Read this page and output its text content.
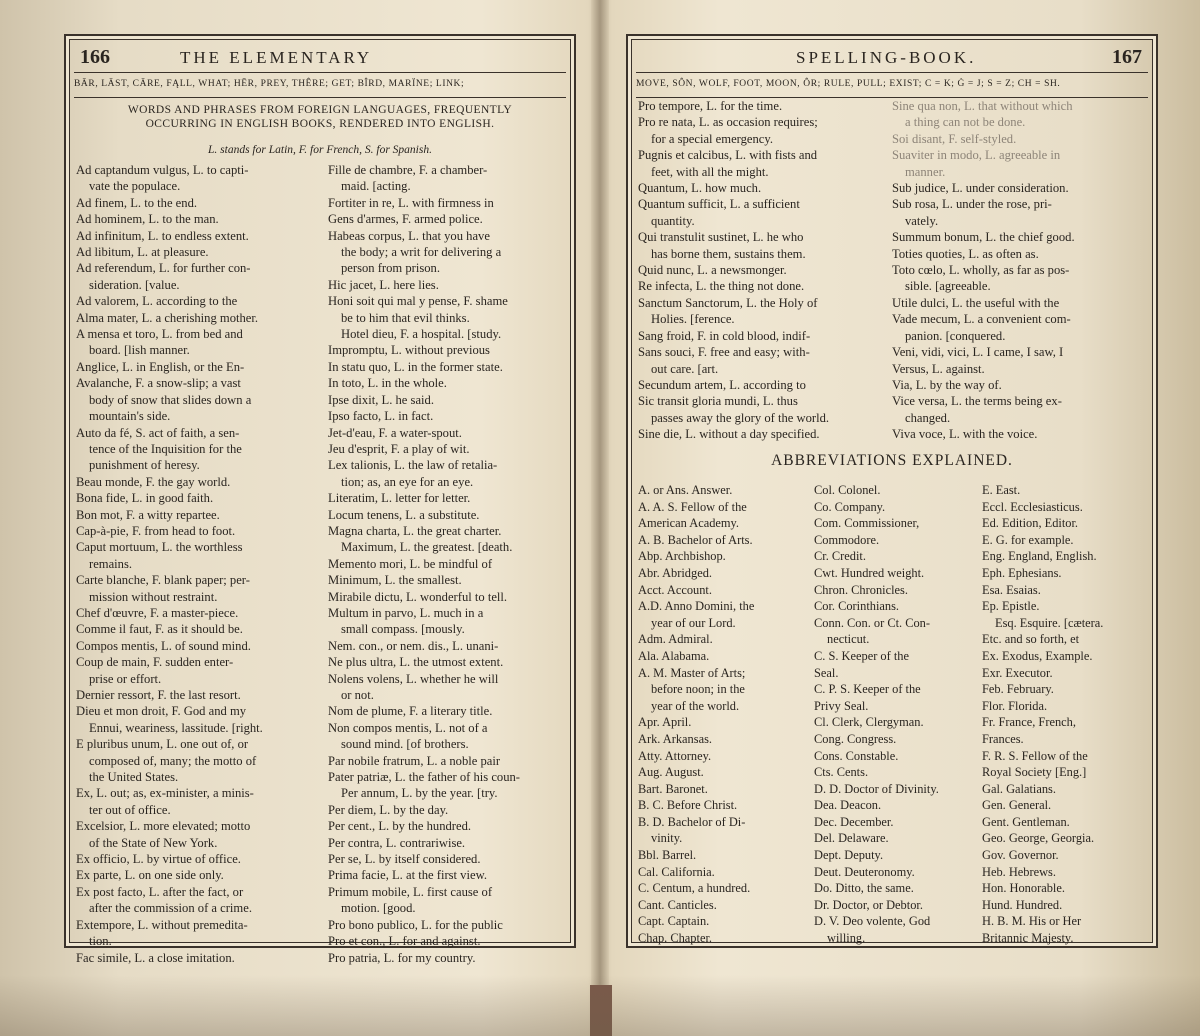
166	THE ELEMENTARY
BĀR, LĀST, CĀRE, FĄLL, WHAT; HĒR, PREY, THÊRE; GET; BÎRD, MARÏNE; LINK;
WORDS AND PHRASES FROM FOREIGN LANGUAGES, FREQUENTLY
OCCURRING IN ENGLISH BOOKS, RENDERED INTO ENGLISH.
L. stands for Latin, F. for French, S. for Spanish.

Ad captandum vulgus, L. to capti-

vate the populace.

Ad finem, L. to the end.

Ad hominem, L. to the man.

Ad infinitum, L. to endless extent.

Ad libitum, L. at pleasure.

Ad referendum, L. for further con-

sideration. [value.

Ad valorem, L. according to the

Alma mater, L. a cherishing mother.

A mensa et toro, L. from bed and

board. [lish manner.

Anglice, L. in English, or the En-

Avalanche, F. a snow-slip; a vast

body of snow that slides down a

mountain's side.

Auto da fé, S. act of faith, a sen-

tence of the Inquisition for the

punishment of heresy.

Beau monde, F. the gay world.

Bona fide, L. in good faith.

Bon mot, F. a witty repartee.

Cap-à-pie, F. from head to foot.

Caput mortuum, L. the worthless

remains.

Carte blanche, F. blank paper; per-

mission without restraint.

Chef d'œuvre, F. a master-piece.

Comme il faut, F. as it should be.

Compos mentis, L. of sound mind.

Coup de main, F. sudden enter-

prise or effort.

Dernier ressort, F. the last resort.

Dieu et mon droit, F. God and my

Ennui, weariness, lassitude. [right.

E pluribus unum, L. one out of, or

composed of, many; the motto of

the United States.

Ex, L. out; as, ex-minister, a minis-

ter out of office.

Excelsior, L. more elevated; motto

of the State of New York.

Ex officio, L. by virtue of office.

Ex parte, L. on one side only.

Ex post facto, L. after the fact, or

after the commission of a crime.

Extempore, L. without premedita-

tion.

Fac simile, L. a close imitation.

Fille de chambre, F. a chamber-

maid. [acting.

Fortiter in re, L. with firmness in

Gens d'armes, F. armed police.

Habeas corpus, L. that you have

the body; a writ for delivering a

person from prison.

Hic jacet, L. here lies.

Honi soit qui mal y pense, F. shame

be to him that evil thinks.

Hotel dieu, F. a hospital. [study.

Impromptu, L. without previous

In statu quo, L. in the former state.

In toto, L. in the whole.

Ipse dixit, L. he said.

Ipso facto, L. in fact.

Jet-d'eau, F. a water-spout.

Jeu d'esprit, F. a play of wit.

Lex talionis, L. the law of retalia-

tion; as, an eye for an eye.

Literatim, L. letter for letter.

Locum tenens, L. a substitute.

Magna charta, L. the great charter.

Maximum, L. the greatest. [death.

Memento mori, L. be mindful of

Minimum, L. the smallest.

Mirabile dictu, L. wonderful to tell.

Multum in parvo, L. much in a

small compass. [mously.

Nem. con., or nem. dis., L. unani-

Ne plus ultra, L. the utmost extent.

Nolens volens, L. whether he will

or not.

Nom de plume, F. a literary title.

Non compos mentis, L. not of a

sound mind. [of brothers.

Par nobile fratrum, L. a noble pair

Pater patriæ, L. the father of his coun-

Per annum, L. by the year. [try.

Per diem, L. by the day.

Per cent., L. by the hundred.

Per contra, L. contrariwise.

Per se, L. by itself considered.

Prima facie, L. at the first view.

Primum mobile, L. first cause of

motion. [good.

Pro bono publico, L. for the public

Pro et con., L. for and against.

Pro patria, L. for my country.

SPELLING-BOOK.	167
MOVE, SÔN, WOLF, FOOT, MOON, ÔR; RULE, PULL; EXIST; C = K; Ġ = J; S = Z; CH = SH.

Pro tempore, L. for the time.

Pro re nata, L. as occasion requires;

for a special emergency.

Pugnis et calcibus, L. with fists and

feet, with all the might.

Quantum, L. how much.

Quantum sufficit, L. a sufficient

quantity.

Qui transtulit sustinet, L. he who

has borne them, sustains them.

Quid nunc, L. a newsmonger.

Re infecta, L. the thing not done.

Sanctum Sanctorum, L. the Holy of

Holies. [ference.

Sang froid, F. in cold blood, indif-

Sans souci, F. free and easy; with-

out care. [art.

Secundum artem, L. according to

Sic transit gloria mundi, L. thus

passes away the glory of the world.

Sine die, L. without a day specified.

Sine qua non, L. that without which

a thing can not be done.

Soi disant, F. self-styled.

Suaviter in modo, L. agreeable in

manner.

Sub judice, L. under consideration.

Sub rosa, L. under the rose, pri-

vately.

Summum bonum, L. the chief good.

Toties quoties, L. as often as.

Toto cœlo, L. wholly, as far as pos-

sible. [agreeable.

Utile dulci, L. the useful with the

Vade mecum, L. a convenient com-

panion. [conquered.

Veni, vidi, vici, L. I came, I saw, I

Versus, L. against.

Via, L. by the way of.

Vice versa, L. the terms being ex-

changed.

Viva voce, L. with the voice.

ABBREVIATIONS EXPLAINED.

A. or Ans. Answer.

A. A. S. Fellow of the

American Academy.

A. B. Bachelor of Arts.

Abp. Archbishop.

Abr. Abridged.

Acct. Account.

A.D. Anno Domini, the

year of our Lord.

Adm. Admiral.

Ala. Alabama.

A. M. Master of Arts;

before noon; in the

year of the world.

Apr. April.

Ark. Arkansas.

Atty. Attorney.

Aug. August.

Bart. Baronet.

B. C. Before Christ.

B. D. Bachelor of Di-

vinity.

Bbl. Barrel.

Cal. California.

C. Centum, a hundred.

Cant. Canticles.

Capt. Captain.

Chap. Chapter.

Col. Colonel.

Co. Company.

Com. Commissioner,

Commodore.

Cr. Credit.

Cwt. Hundred weight.

Chron. Chronicles.

Cor. Corinthians.

Conn. Con. or Ct. Con-

necticut.

C. S. Keeper of the

Seal.

C. P. S. Keeper of the

Privy Seal.

Cl. Clerk, Clergyman.

Cong. Congress.

Cons. Constable.

Cts. Cents.

D. D. Doctor of Divinity.

Dea. Deacon.

Dec. December.

Del. Delaware.

Dept. Deputy.

Deut. Deuteronomy.

Do. Ditto, the same.

Dr. Doctor, or Debtor.

D. V. Deo volente, God

willing.

E. East.

Eccl. Ecclesiasticus.

Ed. Edition, Editor.

E. G. for example.

Eng. England, English.

Eph. Ephesians.

Esa. Esaias.

Ep. Epistle.

Esq. Esquire. [cætera.

Etc. and so forth, et

Ex. Exodus, Example.

Exr. Executor.

Feb. February.

Flor. Florida.

Fr. France, French,

Frances.

F. R. S. Fellow of the

Royal Society [Eng.]

Gal. Galatians.

Gen. General.

Gent. Gentleman.

Geo. George, Georgia.

Gov. Governor.

Heb. Hebrews.

Hon. Honorable.

Hund. Hundred.

H. B. M. His or Her

Britannic Majesty.
